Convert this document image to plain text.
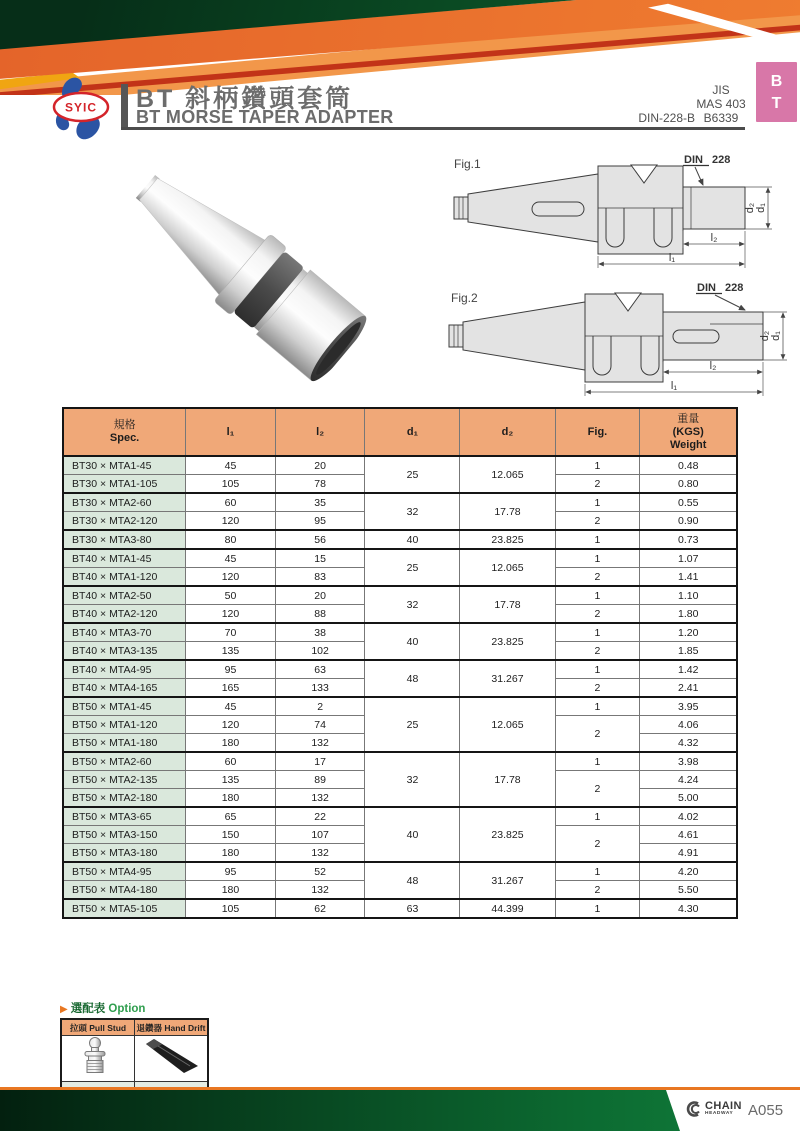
B
T
SYIC BT 斜柄鑽頭套筒
BT MORSE TAPER ADAPTER	DIN-228-B
JIS
MAS 403
B6339
Fig.1	DIN 228
d₂ d₁
l₂
l₁
Fig.2
DIN 228
d₂ d₁
l₂
l₁
規格
Spec.	l₁	l₂	d₁	d₂	Fig.	重量
(KGS)
Weight

BT30 × MTA1-45	45	20	25	12.065	1	0.48
BT30 × MTA1-105	105	78			2	0.80
BT30 × MTA2-60	60	35	32	17.78	1	0.55
BT30 × MTA2-120	120	95			2	0.90
BT30 × MTA3-80	80	56	40	23.825	1	0.73
BT40 × MTA1-45	45	15	25	12.065	1	1.07
BT40 × MTA1-120	120	83			2	1.41
BT40 × MTA2-50	50	20	32	17.78	1	1.10
BT40 × MTA2-120	120	88			2	1.80
BT40 × MTA3-70	70	38	40	23.825	1	1.20
BT40 × MTA3-135	135	102			2	1.85
BT40 × MTA4-95	95	63	48	31.267	1	1.42
BT40 × MTA4-165	165	133			2	2.41
BT50 × MTA1-45	45	2	25	12.065	1	3.95
BT50 × MTA1-120	120	74			2	4.06
BT50 × MTA1-180	180	132				4.32
BT50 × MTA2-60	60	17	32	17.78	1	3.98
BT50 × MTA2-135	135	89			2	4.24
BT50 × MTA2-180	180	132				5.00
BT50 × MTA3-65	65	22	40	23.825	1	4.02
BT50 × MTA3-150	150	107			2	4.61
BT50 × MTA3-180	180	132				4.91
BT50 × MTA4-95	95	52	48	31.267	1	4.20
BT50 × MTA4-180	180	132			2	5.50
BT50 × MTA5-105	105	62	63	44.399	1	4.30
▶ 選配表 Option
拉頭 Pull Stud	退鑽器 Hand Drift

CHAIN
HEADWAY A055
